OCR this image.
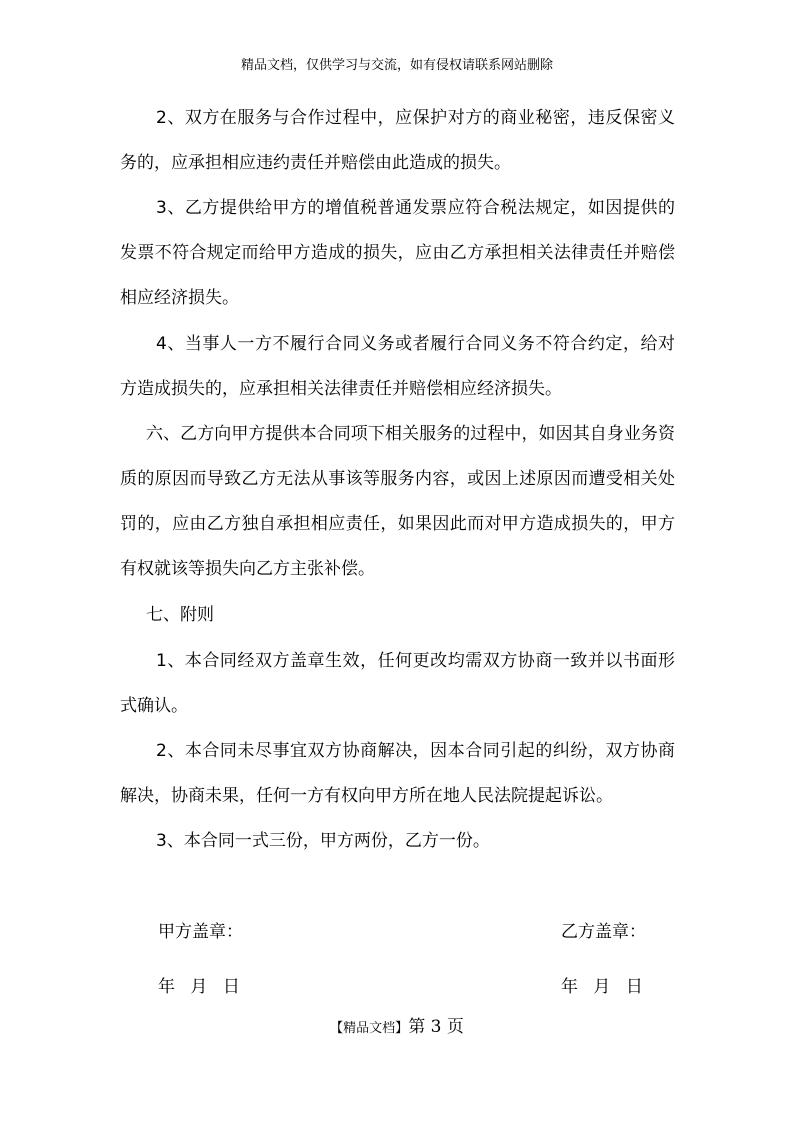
精品文档，仅供学习与交流，如有侵权请联系网站删除

2、双方在服务与合作过程中，应保护对方的商业秘密，违反保密义务的，应承担相应违约责任并赔偿由此造成的损失。

3、乙方提供给甲方的增值税普通发票应符合税法规定，如因提供的发票不符合规定而给甲方造成的损失，应由乙方承担相关法律责任并赔偿相应经济损失。

4、当事人一方不履行合同义务或者履行合同义务不符合约定，给对方造成损失的，应承担相关法律责任并赔偿相应经济损失。

六、乙方向甲方提供本合同项下相关服务的过程中，如因其自身业务资质的原因而导致乙方无法从事该等服务内容，或因上述原因而遭受相关处罚的，应由乙方独自承担相应责任，如果因此而对甲方造成损失的，甲方有权就该等损失向乙方主张补偿。

七、附则

1、本合同经双方盖章生效，任何更改均需双方协商一致并以书面形式确认。

2、本合同未尽事宜双方协商解决，因本合同引起的纠纷，双方协商解决，协商未果，任何一方有权向甲方所在地人民法院提起诉讼。

3、本合同一式三份，甲方两份，乙方一份。

甲方盖章：	乙方盖章：
年 月 日	年 月 日
【精品文档】第 3 页
